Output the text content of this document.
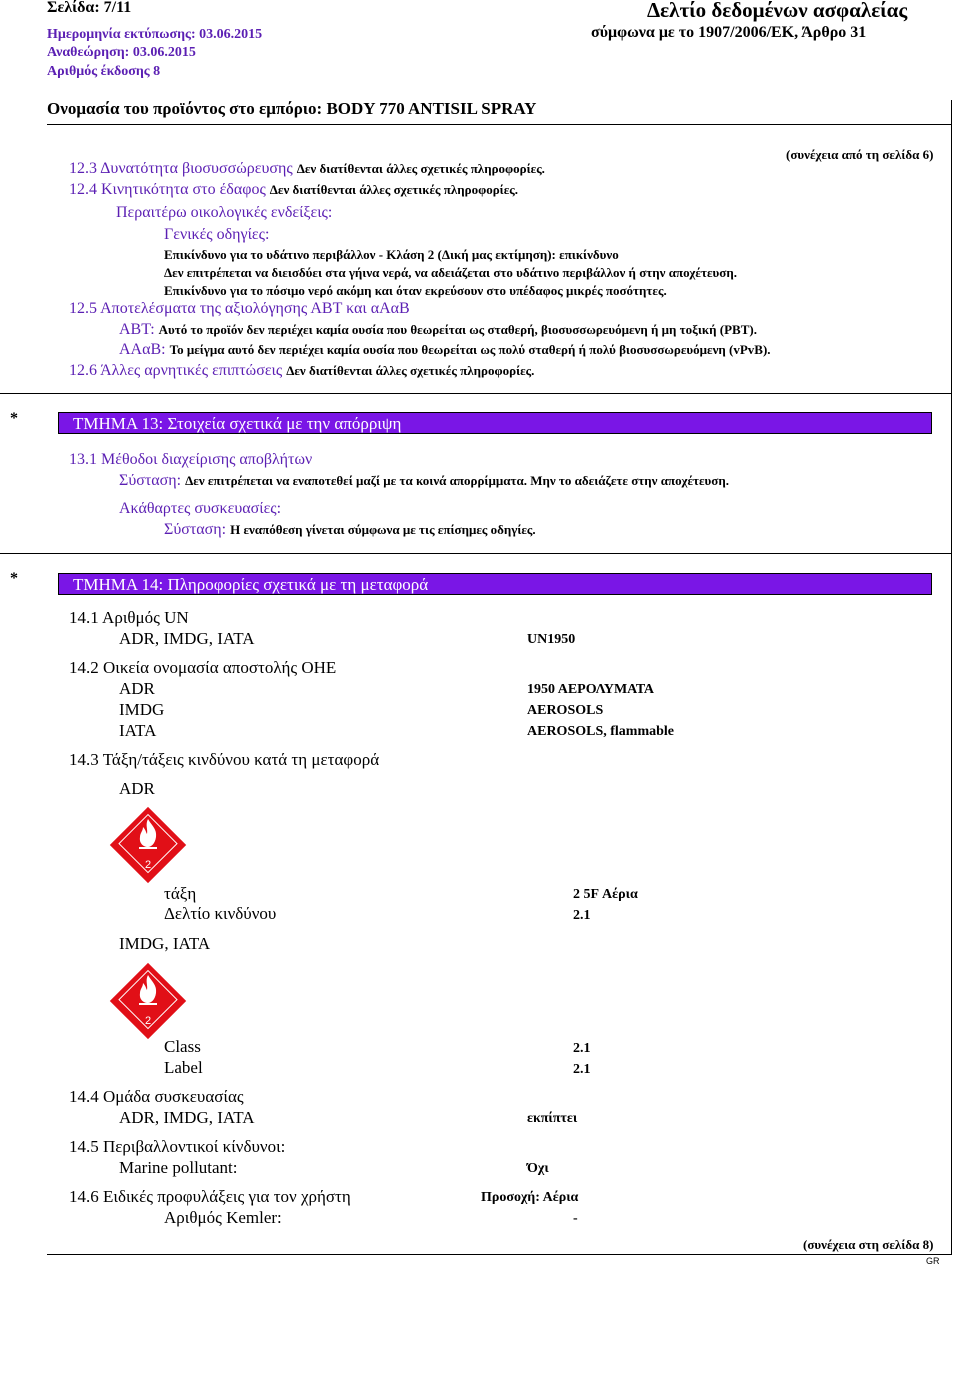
Σελίδα: 7/11	Δελτίο δεδομένων ασφαλείας
Ημερομηνία εκτύπωσης: 03.06.2015	σύμφωνα με το 1907/2006/ΕΚ, Άρθρο 31
Αναθεώρηση: 03.06.2015
Αριθμός έκδοσης 8
Ονομασία του προϊόντος στο εμπόριο: BODY 770 ANTISIL SPRAY
(συνέχεια από τη σελίδα 6)
12.3 Δυνατότητα βιοσυσσώρευσης Δεν διατίθενται άλλες σχετικές πληροφορίες.
12.4 Κινητικότητα στο έδαφος Δεν διατίθενται άλλες σχετικές πληροφορίες.
Περαιτέρω οικολογικές ενδείξεις:
Γενικές οδηγίες:
Επικίνδυνο για το υδάτινο περιβάλλον - Κλάση 2 (Δική μας εκτίμηση): επικίνδυνο
Δεν επιτρέπεται να διεισδύει στα γήινα νερά, να αδειάζεται στο υδάτινο περιβάλλον ή στην αποχέτευση.
Επικίνδυνο για το πόσιμο νερό ακόμη και όταν εκρεύσουν στο υπέδαφος μικρές ποσότητες.
12.5 Αποτελέσματα της αξιολόγησης ΑΒΤ και αΑαΒ
ΑΒΤ: Αυτό το προϊόν δεν περιέχει καμία ουσία που θεωρείται ως σταθερή, βιοσυσσωρευόμενη ή μη τοξική (PBT).
ΑΑαΒ: Το μείγμα αυτό δεν περιέχει καμία ουσία που θεωρείται ως πολύ σταθερή ή πολύ βιοσυσσωρευόμενη (vPvB).
12.6 Άλλες αρνητικές επιπτώσεις Δεν διατίθενται άλλες σχετικές πληροφορίες.
*	ΤΜΗΜΑ 13: Στοιχεία σχετικά με την απόρριψη
13.1 Μέθοδοι διαχείρισης αποβλήτων
Σύσταση: Δεν επιτρέπεται να εναποτεθεί μαζί με τα κοινά απορρίμματα. Μην το αδειάζετε στην αποχέτευση.
Ακάθαρτες συσκευασίες:
Σύσταση: Η εναπόθεση γίνεται σύμφωνα με τις επίσημες οδηγίες.
*	ΤΜΗΜΑ 14: Πληροφορίες σχετικά με τη μεταφορά
14.1 Αριθμός UN
ADR, IMDG, IATA	UN1950
14.2 Οικεία ονομασία αποστολής ΟΗΕ
ADR	1950 ΑΕΡΟΛΥΜΑΤΑ
IMDG	AEROSOLS
IATA	AEROSOLS, flammable
14.3 Τάξη/τάξεις κινδύνου κατά τη μεταφορά
ADR
2
τάξη	2 5F Αέρια
Δελτίο κινδύνου	2.1
IMDG, IATA
2
Class	2.1
Label	2.1
14.4 Ομάδα συσκευασίας
ADR, IMDG, IATA	εκπίπτει
14.5 Περιβαλλοντικοί κίνδυνοι:
Marine pollutant:	Όχι
14.6 Ειδικές προφυλάξεις για τον χρήστη	Προσοχή: Αέρια
Αριθμός Kemler:	-
(συνέχεια στη σελίδα 8)
GR
